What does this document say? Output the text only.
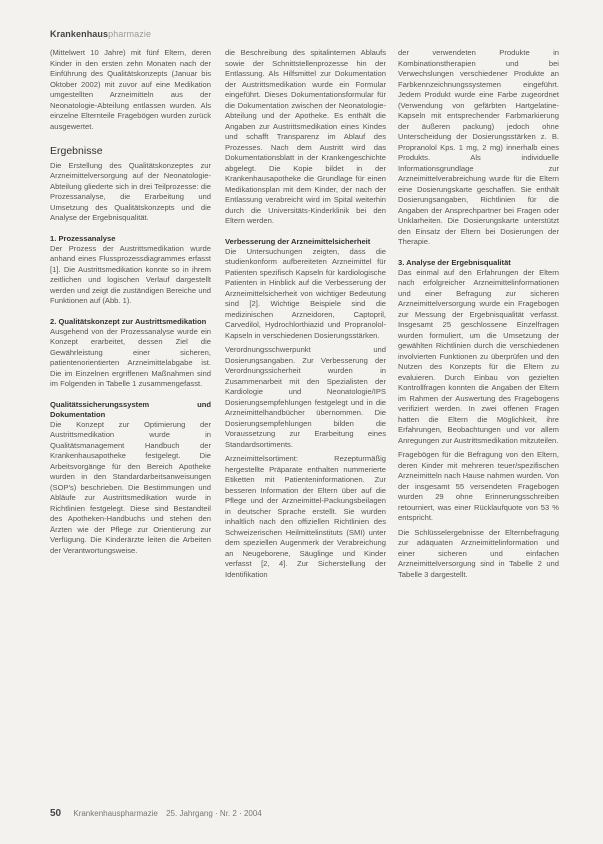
Krankenhauspharmazie
(Mittelwert 10 Jahre) mit fünf Eltern, deren Kinder in den ersten zehn Monaten nach der Einführung des Qualitätskonzepts (Januar bis Oktober 2002) mit zuvor auf eine Medikation umgestellten Arzneimitteln aus der Neonatologie-Abteilung entlassen wurden. Als einzelne Elternteile Fragebögen wurden zurück ausgewertet.
Ergebnisse
Die Erstellung des Qualitätskonzeptes zur Arzneimittelversorgung auf der Neonatologie-Abteilung gliederte sich in drei Teilprozesse: die Prozessanalyse, die Erarbeitung und Umsetzung des Qualitätskonzepts und die Analyse der Ergebnisqualität.
1. Prozessanalyse
Der Prozess der Austrittsmedikation wurde anhand eines Flussprozessdiagrammes erfasst [1]. Die Austrittsmedikation konnte so in ihrem zeitlichen und logischen Verlauf dargestellt werden und zeigt die zuständigen Bereiche und Funktionen auf (Abb. 1).
2. Qualitätskonzept zur Austrittsmedikation
Ausgehend von der Prozessanalyse wurde ein Konzept erarbeitet, dessen Ziel die Gewährleistung einer sicheren, patientenorientierten Arzneimittelabgabe ist. Die im Einzelnen ergriffenen Maßnahmen sind im Folgenden in Tabelle 1 zusammengefasst.
Qualitätssicherungssystem und Dokumentation
Die Konzept zur Optimierung der Austrittsmedikation wurde in Qualitätsmanagement Handbuch der Krankenhausapotheke festgelegt. Die Arbeitsvorgänge für den Bereich Apotheke wurden in den Standardarbeitsanweisungen (SOP's) beschrieben. Die Bestimmungen und Abläufe zur Austrittsmedikation wurde in Richtlinien festgelegt. Diese sind Bestandteil des Apotheken-Handbuchs und stehen den Ärzten wie der Pflege zur Orientierung zur Verfügung. Die Kinderärzte leiten die Arbeiten der Verantwortungsweise.
die Beschreibung des spitalinternen Ablaufs sowie der Schnittstellenprozesse hin der Entlassung. Als Hilfsmittel zur Dokumentation der Austrittsmedikation wurde ein Formular eingeführt. Dieses Dokumentationsformular für die Dokumentation zwischen der Neonatologie-Abteilung und der Apotheke. Es enthält die Angaben zur Austrittsmedikation eines Kindes und schafft Transparenz im Ablauf des Prozesses. Nach dem Austritt wird das Dokumentationsblatt in der Krankengeschichte abgelegt. Die Kopie bildet in der Krankenhausapotheke die Grundlage für einen Medikationsplan mit dem Kinder, der nach der Entlassung verabreicht wird im Spital weiterhin durch die Universitäts-Kinderklinik bei den Eltern werden.
Verbesserung der Arzneimittelsicherheit
Die Untersuchungen zeigten, dass die studienkonform aufbereiteten Arzneimittel für Patienten spezifisch Kapseln für kardiologische Patienten in Hinblick auf die Verbesserung der Arzneimittelsicherheit von wichtiger Bedeutung sind [2]. Wichtige Beispiele sind die medizinischen Arzneidoren, Captopril, Carvedilol, Hydrochlorthiazid und Propranolol-Kapseln in verschiedenen Dosierungsstärken.
Verordnungsschwerpunkt und Dosierungsangaben. Zur Verbesserung der Verordnungssicherheit wurden in Zusammenarbeit mit den Spezialisten der Kardiologie und Neonatologie/IPS Dosierungsempfehlungen festgelegt und in die Arzneimittelhandbücher übernommen. Die Dosierungsempfehlungen bilden die Voraussetzung zur Erarbeitung eines Standardsortiments.
Arzneimittelsortiment: Rezepturmäßig hergestellte Präparate enthalten nummerierte Etiketten mit Patienteninformationen. Zur besseren Information der Eltern über auf die Pflege und der Arzneimittel-Packungsbeilagen in deutscher Sprache erstellt. Sie wurden inhaltlich nach den offiziellen Richtlinien des Schweizerischen Heilmittelinstituts (SMI) unter dem speziellen Augenmerk der Verabreichung an Neugeborene, Säuglinge und Kinder verfasst [2, 4]. Zur Sicherstellung der Identifikation
der verwendeten Produkte in Kombinationstherapien und bei Verwechslungen verschiedener Produkte an Farbkennzeichnungssystemen eingeführt. Jedem Produkt wurde eine Farbe zugeordnet (Verwendung von gefärbten Hartgelatine-Kapseln mit entsprechender Farbmarkierung der äußeren packung) jedoch ohne Unterscheidung der Dosierungsstärken z. B. Propranolol Kps. 1 mg, 2 mg) innerhalb eines Produkts. Als individuelle Informationsgrundlage zur Arzneimittelverabreichung wurde für die Eltern eine Dosierungskarte geschaffen. Sie enthält Dosierungsangaben, Richtlinien für die Angaben der Ansprechpartner bei Fragen oder Unklarheiten. Die Dosierungskarte unterstützt den Einsatz der Eltern bei Dosierungen der Therapie.
3. Analyse der Ergebnisqualität
Das einmal auf den Erfahrungen der Eltern nach erfolgreicher Arzneimittelinformationen und einer Befragung zur sicheren Arzneimittelversorgung wurde ein Fragebogen zur Messung der Ergebnisqualität verfasst. Insgesamt 25 geschlossene Einzelfragen wurden formuliert, um die Umsetzung der gewählten Richtlinien durch die verschiedenen involvierten Funktionen zu überprüfen und den Nutzen des Konzepts für die Eltern zu evaluieren. Durch Einbau von gezielten Kontrollfragen konnten die Angaben der Eltern im Rahmen der Auswertung des Fragebogens verifiziert werden. In zwei offenen Fragen hatten die Eltern die Möglichkeit, ihre Erfahrungen, Beobachtungen und vor allem Anregungen zur Austrittsmedikation mitzuteilen.
Fragebögen für die Befragung von den Eltern, deren Kinder mit mehreren teuer/spezifischen Arzneimitteln nach Hause nahmen wurden. Von der insgesamt 55 versendeten Fragebogen wurden 29 ohne Erinnerungsschreiben retourniert, was einer Rücklaufquote von 53 % entspricht.
Die Schlüsselergebnisse der Elternbefragung zur adäquaten Arzneimittelinformation und einer sicheren und einfachen Arzneimittelversorgung sind in Tabelle 2 und Tabelle 3 dargestellt.
50 Krankenhauspharmazie 25. Jahrgang · Nr. 2 · 2004
